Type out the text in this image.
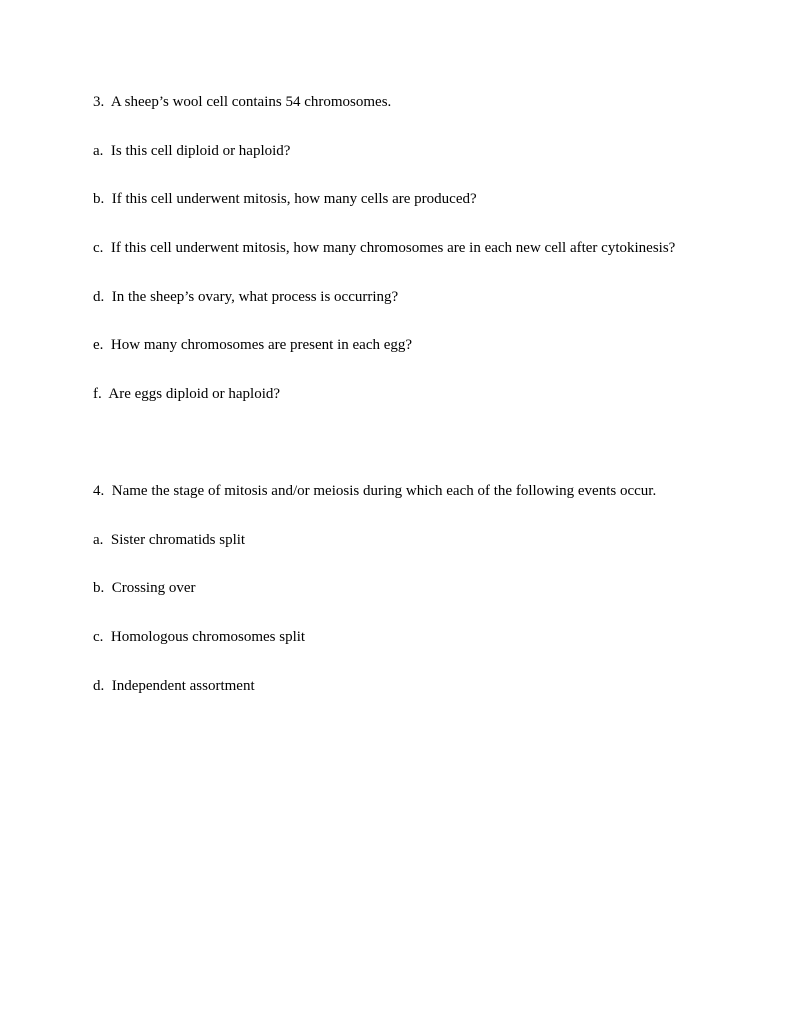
3.  A sheep’s wool cell contains 54 chromosomes.
a.  Is this cell diploid or haploid?
b.  If this cell underwent mitosis, how many cells are produced?
c.  If this cell underwent mitosis, how many chromosomes are in each new cell after cytokinesis?
d.  In the sheep’s ovary, what process is occurring?
e.  How many chromosomes are present in each egg?
f.  Are eggs diploid or haploid?
4.  Name the stage of mitosis and/or meiosis during which each of the following events occur.
a.  Sister chromatids split
b.  Crossing over
c.  Homologous chromosomes split
d.  Independent assortment
